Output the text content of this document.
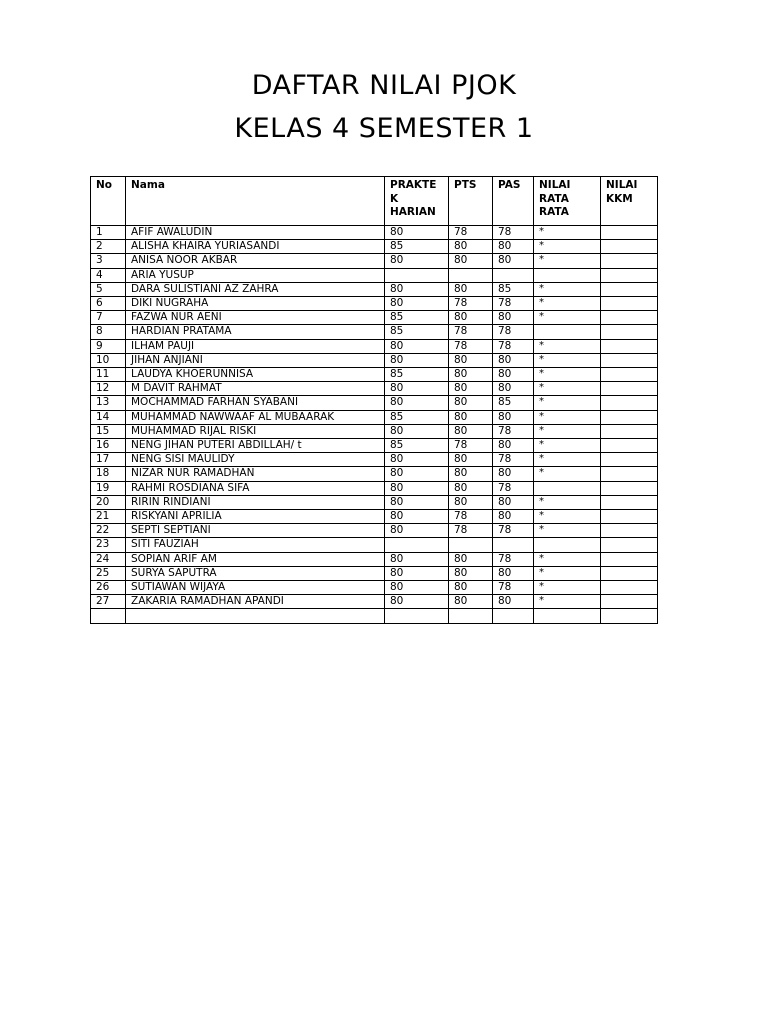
DAFTAR NILAI PJOK
KELAS 4 SEMESTER 1
No	Nama	PRAKTE K HARIAN	PTS	PAS	NILAI RATA RATA	NILAI KKM
1	AFIF AWALUDIN	80	78	78	*	
2	ALISHA KHAIRA YURIASANDI	85	80	80	*	
3	ANISA NOOR AKBAR	80	80	80	*	
4	ARIA YUSUP					
5	DARA SULISTIANI AZ ZAHRA	80	80	85	*	
6	DIKI NUGRAHA	80	78	78	*	
7	FAZWA NUR AENI	85	80	80	*	
8	HARDIAN PRATAMA	85	78	78		
9	ILHAM PAUJI	80	78	78	*	
10	JIHAN ANJIANI	80	80	80	*	
11	LAUDYA KHOERUNNISA	85	80	80	*	
12	M DAVIT RAHMAT	80	80	80	*	
13	MOCHAMMAD FARHAN SYABANI	80	80	85	*	
14	MUHAMMAD NAWWAAF AL MUBAARAK	85	80	80	*	
15	MUHAMMAD RIJAL RISKI	80	80	78	*	
16	NENG JIHAN PUTERI ABDILLAH/ t	85	78	80	*	
17	NENG SISI MAULIDY	80	80	78	*	
18	NIZAR NUR RAMADHAN	80	80	80	*	
19	RAHMI ROSDIANA SIFA	80	80	78		
20	RIRIN RINDIANI	80	80	80	*	
21	RISKYANI APRILIA	80	78	80	*	
22	SEPTI SEPTIANI	80	78	78	*	
23	SITI FAUZIAH					
24	SOPIAN ARIF AM	80	80	78	*	
25	SURYA SAPUTRA	80	80	80	*	
26	SUTIAWAN WIJAYA	80	80	78	*	
27	ZAKARIA RAMADHAN APANDI	80	80	80	*	
